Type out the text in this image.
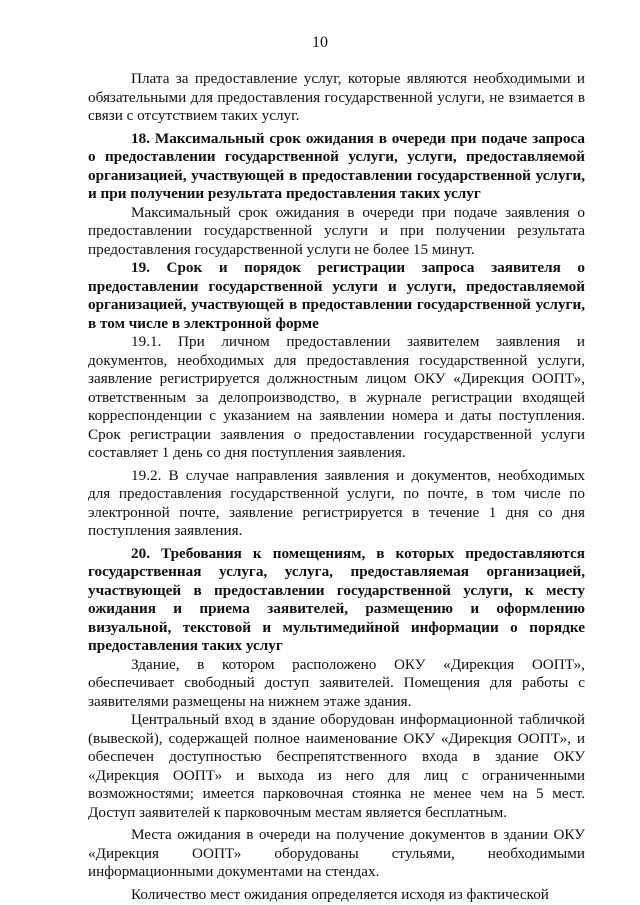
10

Плата за предоставление услуг, которые являются необходимыми и обязательными для предоставления государственной услуги, не взимается в связи с отсутствием таких услуг.

18. Максимальный срок ожидания в очереди при подаче запроса о предоставлении государственной услуги, услуги, предоставляемой организацией, участвующей в предоставлении государственной услуги, и при получении результата предоставления таких услуг

Максимальный срок ожидания в очереди при подаче заявления о предоставлении государственной услуги и при получении результата предоставления государственной услуги не более 15 минут.

19. Срок и порядок регистрации запроса заявителя о предоставлении государственной услуги и услуги, предоставляемой организацией, участвующей в предоставлении государственной услуги, в том числе в электронной форме

19.1. При личном предоставлении заявителем заявления и документов, необходимых для предоставления государственной услуги, заявление регистрируется должностным лицом ОКУ «Дирекция ООПТ», ответственным за делопроизводство, в журнале регистрации входящей корреспонденции с указанием на заявлении номера и даты поступления. Срок регистрации заявления о предоставлении государственной услуги составляет 1 день со дня поступления заявления.

19.2. В случае направления заявления и документов, необходимых для предоставления государственной услуги, по почте, в том числе по электронной почте, заявление регистрируется в течение 1 дня со дня поступления заявления.

20. Требования к помещениям, в которых предоставляются государственная услуга, услуга, предоставляемая организацией, участвующей в предоставлении государственной услуги, к месту ожидания и приема заявителей, размещению и оформлению визуальной, текстовой и мультимедийной информации о порядке предоставления таких услуг

Здание, в котором расположено ОКУ «Дирекция ООПТ», обеспечивает свободный доступ заявителей. Помещения для работы с заявителями размещены на нижнем этаже здания.

Центральный вход в здание оборудован информационной табличкой (вывеской), содержащей полное наименование ОКУ «Дирекция ООПТ», и обеспечен доступностью беспрепятственного входа в здание ОКУ «Дирекция ООПТ» и выхода из него для лиц с ограниченными возможностями; имеется парковочная стоянка не менее чем на 5 мест. Доступ заявителей к парковочным местам является бесплатным.

Места ожидания в очереди на получение документов в здании ОКУ «Дирекция ООПТ» оборудованы стульями, необходимыми информационными документами на стендах.

Количество мест ожидания определяется исходя из фактической
